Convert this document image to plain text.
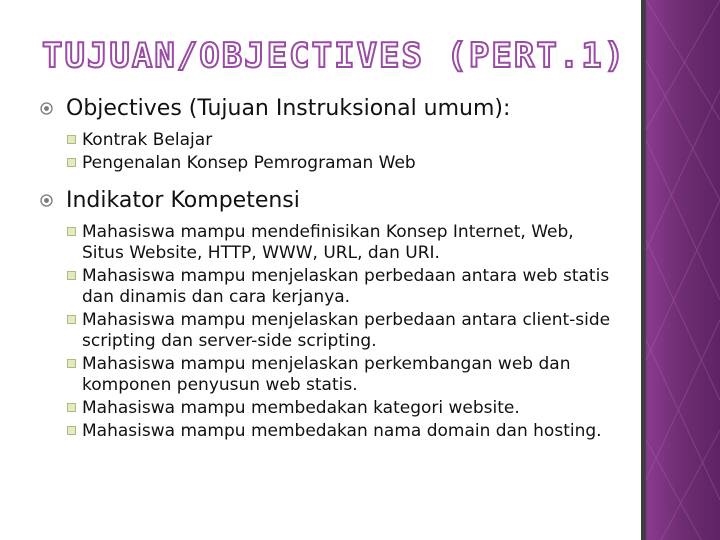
TUJUAN/OBJECTIVES (PERT.1)
Objectives (Tujuan Instruksional umum):
Kontrak Belajar
Pengenalan Konsep Pemrograman Web
Indikator Kompetensi
Mahasiswa mampu mendefinisikan Konsep Internet, Web,
Situs Website, HTTP, WWW, URL, dan URI.
Mahasiswa mampu menjelaskan perbedaan antara web statis
dan dinamis dan cara kerjanya.
Mahasiswa mampu menjelaskan perbedaan antara client-side
scripting dan server-side scripting.
Mahasiswa mampu menjelaskan perkembangan web dan
komponen penyusun web statis.
Mahasiswa mampu membedakan kategori website.
Mahasiswa mampu membedakan nama domain dan hosting.
